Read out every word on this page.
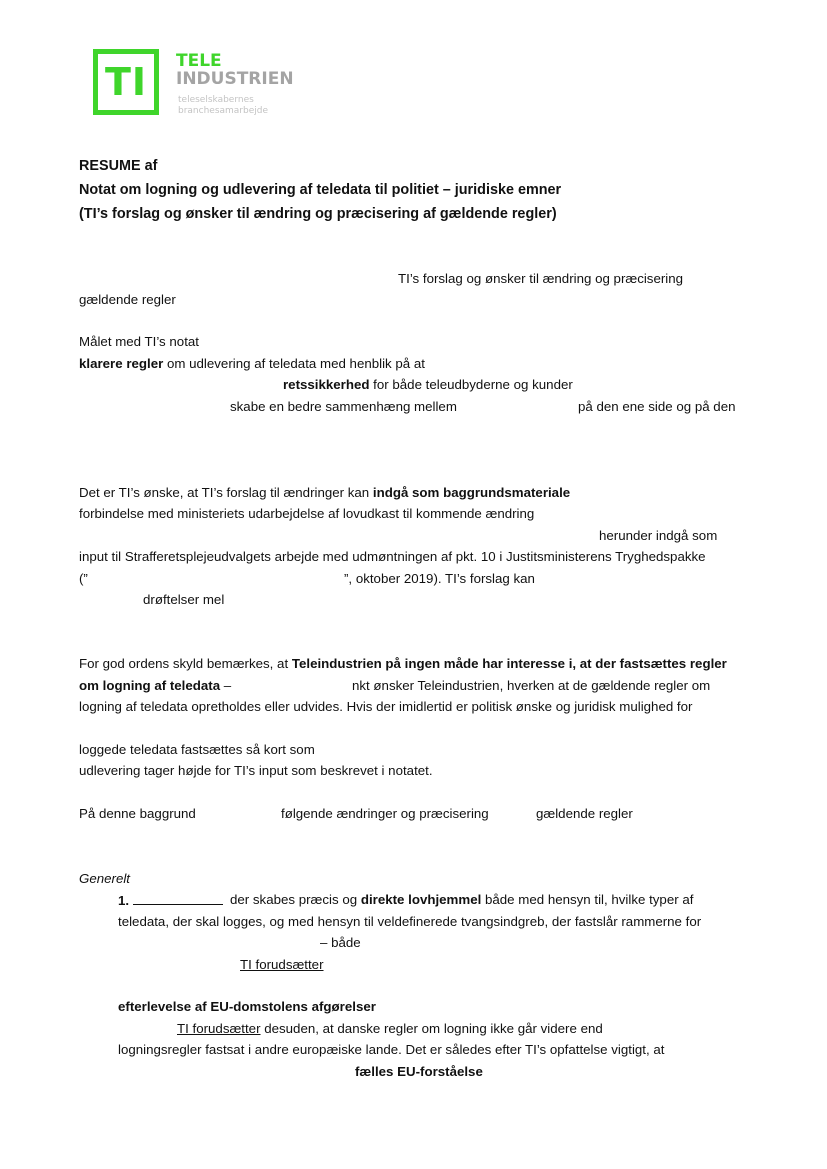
TI	TELE
INDUSTRIEN
teleselskabernes
branchesamarbejde
RESUME af
Notat om logning og udlevering af teledata til politiet – juridiske emner
(TI’s forslag og ønsker til ændring og præcisering af gældende regler)
TI’s forslag og ønsker til ændring og præcisering
gældende regler
Målet med TI’s notat
klarere regler om udlevering af teledata med henblik på at
retssikkerhed for både teleudbyderne og kunder
skabe en bedre sammenhæng mellem	på den ene side og på den
Det er TI’s ønske, at TI’s forslag til ændringer kan indgå som baggrundsmateriale
forbindelse med ministeriets udarbejdelse af lovudkast til kommende ændring
herunder indgå som
input til Strafferetsplejeudvalgets arbejde med udmøntningen af pkt. 10 i Justitsministerens Tryghedspakke
(”	”, oktober 2019). TI’s forslag kan
drøftelser mel
For god ordens skyld bemærkes, at Teleindustrien på ingen måde har interesse i, at der fastsættes regler
om logning af teledata –	nkt ønsker Teleindustrien, hverken at de gældende regler om
logning af teledata opretholdes eller udvides. Hvis der imidlertid er politisk ønske og juridisk mulighed for
loggede teledata fastsættes så kort som
udlevering tager højde for TI’s input som beskrevet i notatet.
På denne baggrund	følgende ændringer og præcisering	gældende regler
Generelt
1.	der skabes præcis og direkte lovhjemmel både med hensyn til, hvilke typer af
teledata, der skal logges, og med hensyn til veldefinerede tvangsindgreb, der fastslår rammerne for
– både
TI forudsætter
efterlevelse af EU-domstolens afgørelser
TI forudsætter desuden, at danske regler om logning ikke går videre end
logningsregler fastsat i andre europæiske lande. Det er således efter TI’s opfattelse vigtigt, at
fælles EU-forståelse
